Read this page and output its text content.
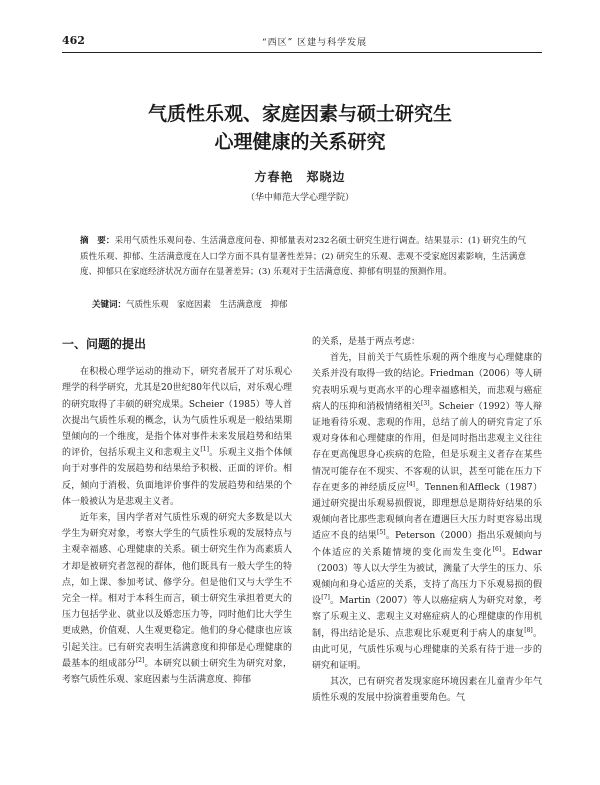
462	“西区” 区建与科学发展
气质性乐观、家庭因素与硕士研究生
心理健康的关系研究
方春艳　郑晓边
（华中师范大学心理学院）
摘　要：采用气质性乐观问卷、生活满意度问卷、抑郁量表对232名硕士研究生进行调查。结果显示：(1) 研究生的气质性乐观、抑郁、生活满意度在人口学方面不具有显著性差异；(2) 研究生的乐观、悲观不受家庭因素影响，生活满意度、抑郁只在家庭经济状况方面存在显著差异；(3) 乐观对于生活满意度、抑郁有明显的预测作用。
关键词：气质性乐观　家庭因素　生活满意度　抑郁
一、问题的提出

在积极心理学运动的推动下，研究者展开了对乐观心理学的科学研究，尤其是20世纪80年代以后，对乐观心理的研究取得了丰硕的研究成果。Scheier（1985）等人首次提出气质性乐观的概念，认为气质性乐观是一般结果期望倾向的一个维度，是指个体对事件未来发展趋势和结果的评价，包括乐观主义和悲观主义[1]。乐观主义指个体倾向于对事件的发展趋势和结果给予积极、正面的评价。相反，倾向于消极、负面地评价事件的发展趋势和结果的个体一般被认为是悲观主义者。

近年来，国内学者对气质性乐观的研究大多数是以大学生为研究对象，考察大学生的气质性乐观的发展特点与主观幸福感、心理健康的关系。硕士研究生作为高素质人才却是被研究者忽视的群体，他们既具有一般大学生的特点，如上课、参加考试、修学分。但是他们又与大学生不完全一样。相对于本科生而言，硕士研究生承担着更大的压力包括学业、就业以及婚恋压力等，同时他们比大学生更成熟，价值观、人生观更稳定。他们的身心健康也应该引起关注。已有研究表明生活满意度和抑郁是心理健康的最基本的组成部分[2]。本研究以硕士研究生为研究对象，考察气质性乐观、家庭因素与生活满意度、抑郁

的关系，是基于两点考虑：

首先，目前关于气质性乐观的两个维度与心理健康的关系并没有取得一致的结论。Friedman（2006）等人研究表明乐观与更高水平的心理幸福感相关，而悲观与癌症病人的压抑和消极情绪相关[3]。Scheier（1992）等人辩证地看待乐观、悲观的作用，总结了前人的研究肯定了乐观对身体和心理健康的作用，但是同时指出悲观主义往往存在更高傀思身心疾病的危险，但是乐观主义者存在某些情况可能存在不现实、不客观的认识，甚至可能在压力下存在更多的神经质反应[4]。Tennen和Affleck（1987）通过研究提出乐观易损假说，即理想总是期待好结果的乐观倾向者比那些悲观倾向者在遭遇巨大压力时更容易出现适应不良的结果[5]。Peterson（2000）指出乐观倾向与个体适应的关系随情境的变化而发生变化[6]。Edwar（2003）等人以大学生为被试，测量了大学生的压力、乐观倾向和身心适应的关系，支持了高压力下乐观易损的假设[7]。Martin（2007）等人以癌症病人为研究对象，考察了乐观主义、悲观主义对癌症病人的心理健康的作用机制，得出结论是乐、点悲观比乐观更利于病人的康复[8]。由此可见，气质性乐观与心理健康的关系有待于进一步的研究和证明。

其次，已有研究者发现家庭环境因素在儿童青少年气质性乐观的发展中扮演着重要角色。气
